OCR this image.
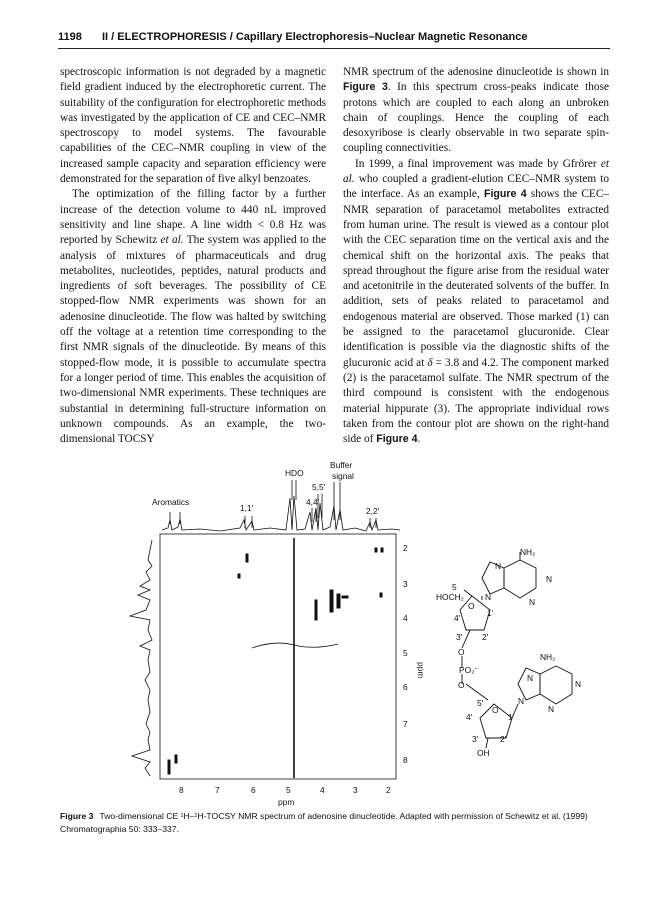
1198 II / ELECTROPHORESIS / Capillary Electrophoresis–Nuclear Magnetic Resonance

spectroscopic information is not degraded by a magnetic field gradient induced by the electrophoretic current. The suitability of the configuration for electrophoretic methods was investigated by the application of CE and CEC–NMR spectroscopy to model systems. The favourable capabilities of the CEC–NMR coupling in view of the increased sample capacity and separation efficiency were demonstrated for the separation of five alkyl benzoates.

The optimization of the filling factor by a further increase of the detection volume to 440 nL improved sensitivity and line shape. A line width < 0.8 Hz was reported by Schewitz et al. The system was applied to the analysis of mixtures of pharmaceuticals and drug metabolites, nucleotides, peptides, natural products and ingredients of soft beverages. The possibility of CE stopped-flow NMR experiments was shown for an adenosine dinucleotide. The flow was halted by switching off the voltage at a retention time corresponding to the first NMR signals of the dinucleotide. By means of this stopped-flow mode, it is possible to accumulate spectra for a longer period of time. This enables the acquisition of two-dimensional NMR experiments. These techniques are substantial in determining full-structure information on unknown compounds. As an example, the two-dimensional TOCSY

NMR spectrum of the adenosine dinucleotide is shown in Figure 3. In this spectrum cross-peaks indicate those protons which are coupled to each along an unbroken chain of couplings. Hence the coupling of each desoxyribose is clearly observable in two separate spin-coupling connectivities.

In 1999, a final improvement was made by Gfrörer et al. who coupled a gradient-elution CEC–NMR system to the interface. As an example, Figure 4 shows the CEC–NMR separation of paracetamol metabolites extracted from human urine. The result is viewed as a contour plot with the CEC separation time on the vertical axis and the chemical shift on the horizontal axis. The peaks that spread throughout the figure arise from the residual water and acetonitrile in the deuterated solvents of the buffer. In addition, sets of peaks related to paracetamol and endogenous material are observed. Those marked (1) can be assigned to the paracetamol glucuronide. Clear identification is possible via the diagnostic shifts of the glucuronic acid at δ = 3.8 and 4.2. The component marked (2) is the paracetamol sulfate. The NMR spectrum of the third compound is consistent with the endogenous material hippurate (3). The appropriate individual rows taken from the contour plot are shown on the right-hand side of Figure 4.

Aromatics
HDO
Buffer
signal
5,5′
4,4′
1,1′	2,2′
8	7	6	5	4	3	2
ppm
2
3
4
5
6
7
8
ppm
NH₂
N
N
N
N
5
HOCH₂
O
4′	1′
3′ 2′
O
PO₂⁻
O
NH₂
N
N
N
N
5′
O
4′	1′
3′	2′
OH
Figure 3 Two-dimensional CE ¹H–¹H-TOCSY NMR spectrum of adenosine dinucleotide. Adapted with permission of Schewitz et al. (1999) Chromatographia 50: 333–337.
